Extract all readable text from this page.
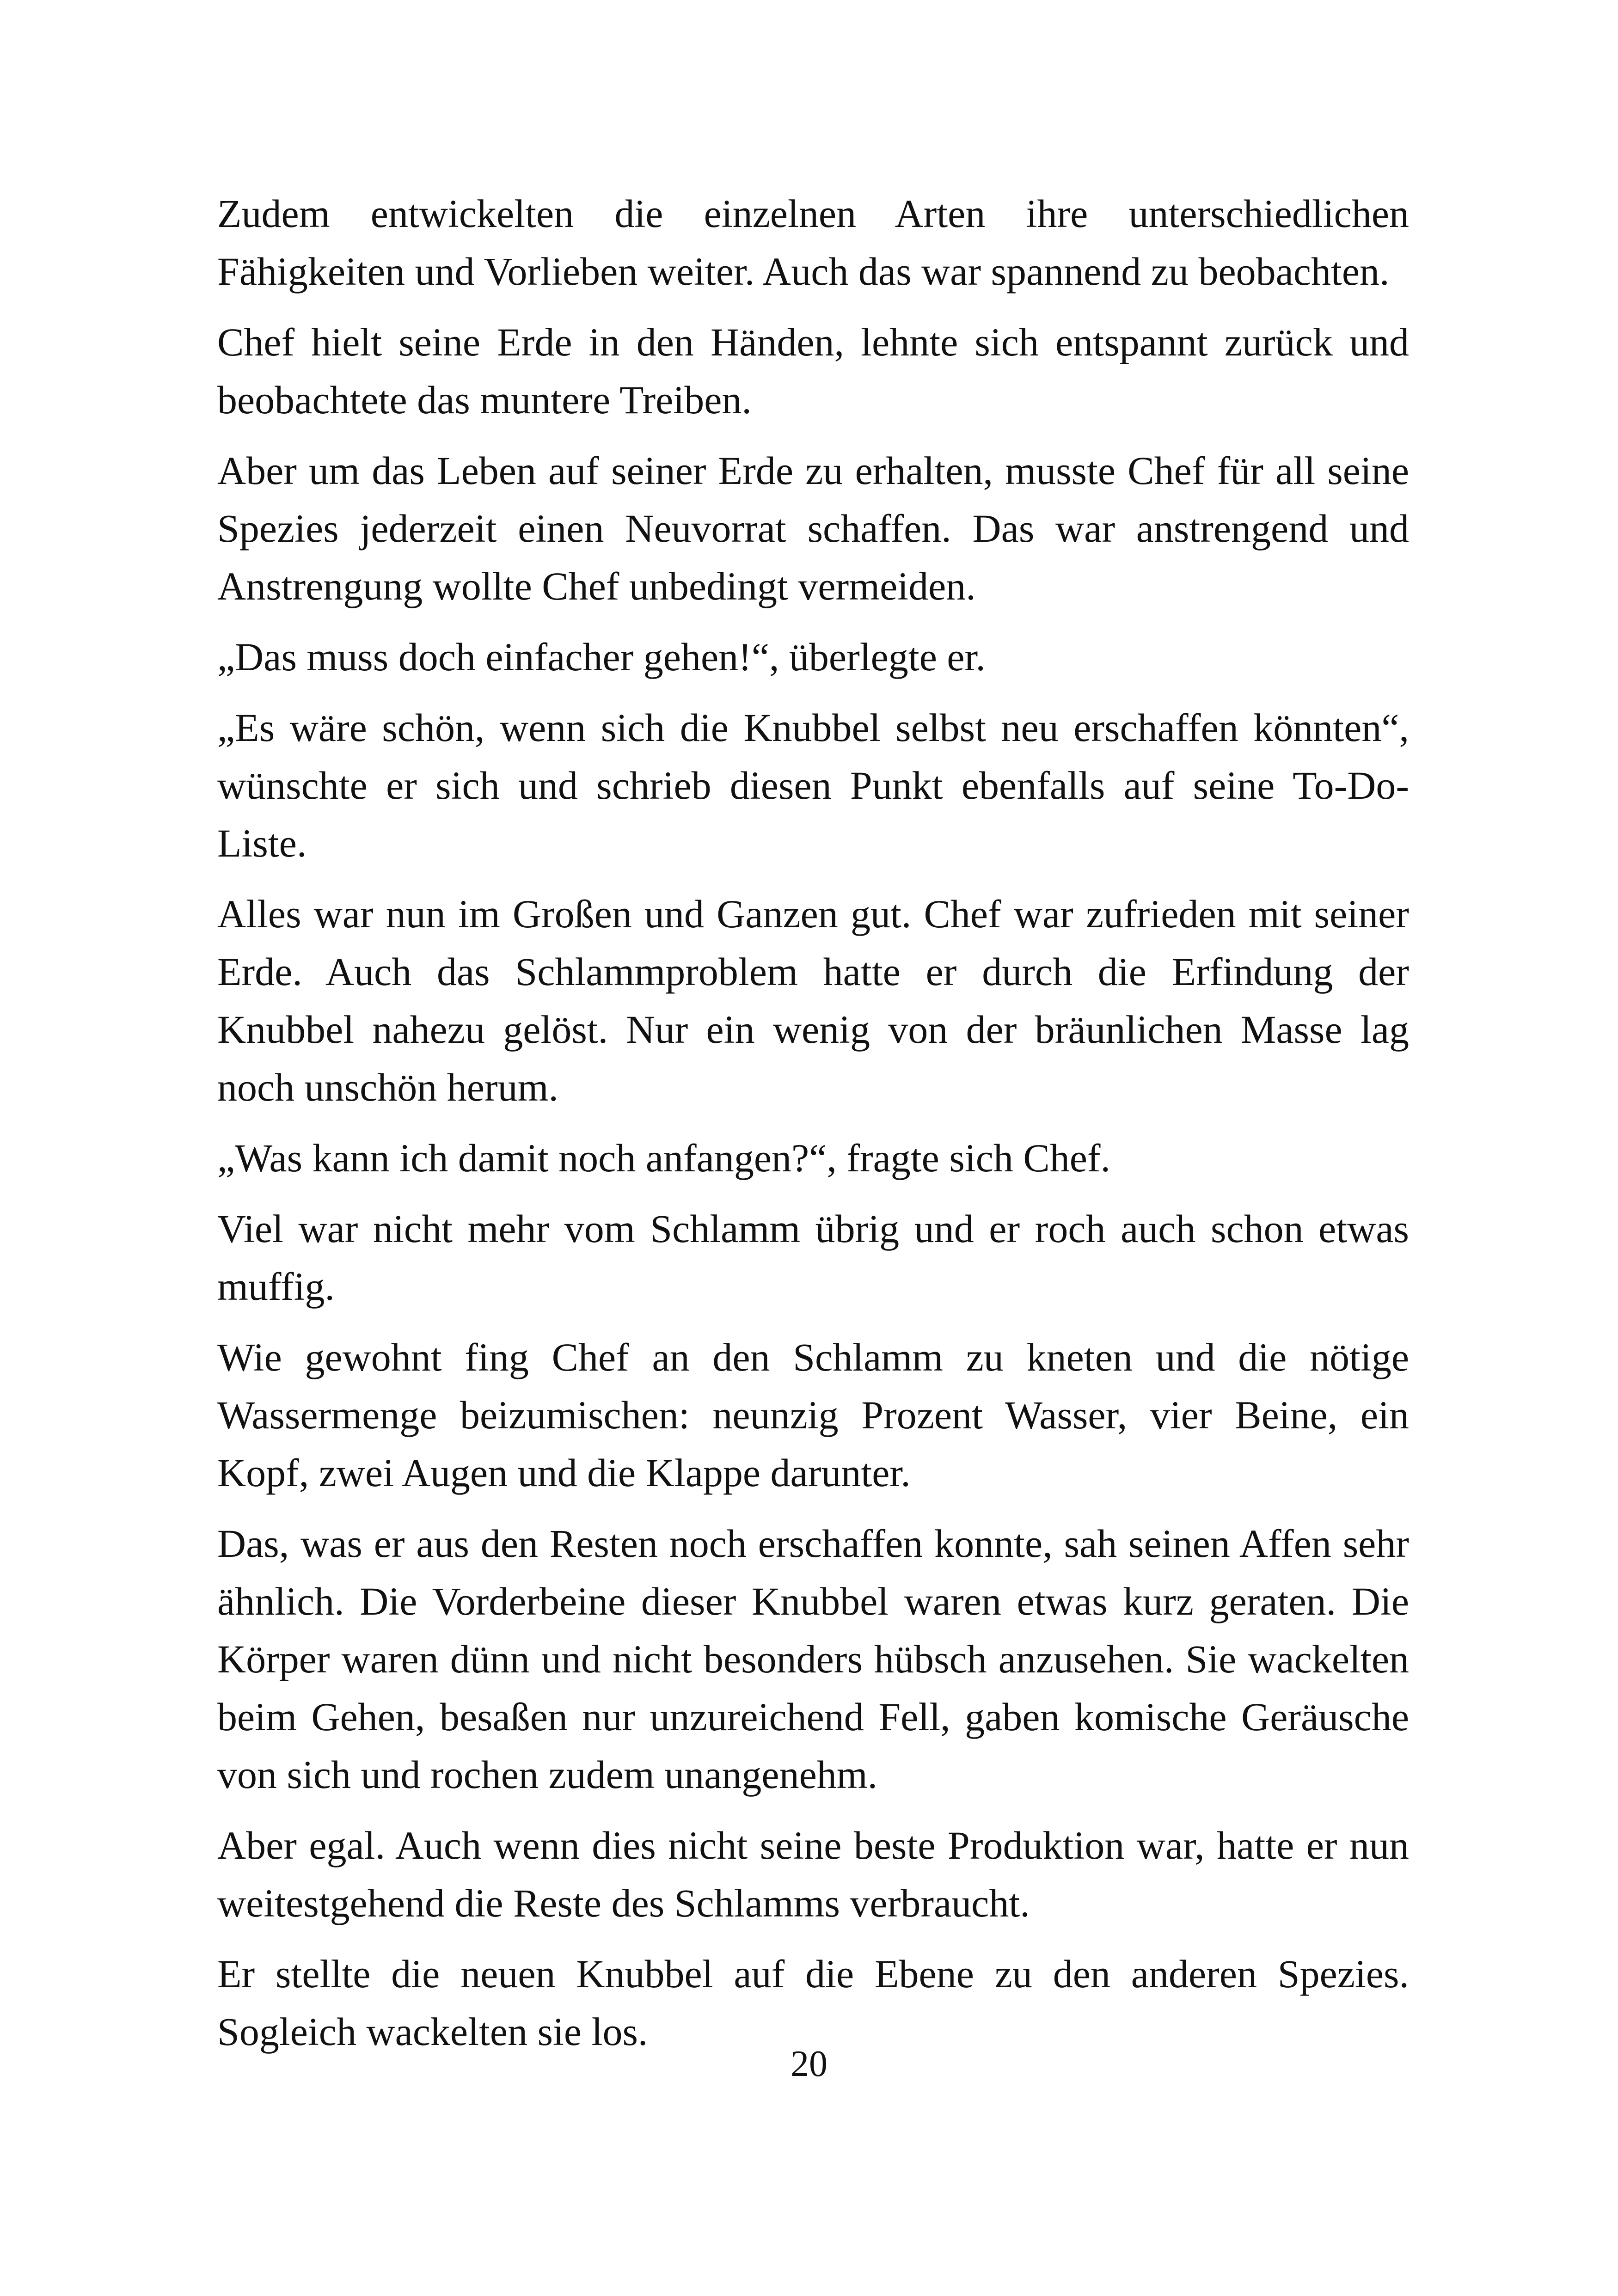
Zudem entwickelten die einzelnen Arten ihre unterschiedlichen Fähigkeiten und Vorlieben weiter. Auch das war spannend zu beobachten.

Chef hielt seine Erde in den Händen, lehnte sich entspannt zurück und beobachtete das muntere Treiben.

Aber um das Leben auf seiner Erde zu erhalten, musste Chef für all seine Spezies jederzeit einen Neuvorrat schaffen. Das war anstrengend und Anstrengung wollte Chef unbedingt vermeiden.

„Das muss doch einfacher gehen!“, überlegte er.

„Es wäre schön, wenn sich die Knubbel selbst neu erschaffen könnten“, wünschte er sich und schrieb diesen Punkt ebenfalls auf seine To-Do-Liste.

Alles war nun im Großen und Ganzen gut. Chef war zufrieden mit seiner Erde. Auch das Schlammproblem hatte er durch die Erfindung der Knubbel nahezu gelöst. Nur ein wenig von der bräunlichen Masse lag noch unschön herum.

„Was kann ich damit noch anfangen?“, fragte sich Chef.

Viel war nicht mehr vom Schlamm übrig und er roch auch schon etwas muffig.

Wie gewohnt fing Chef an den Schlamm zu kneten und die nötige Wassermenge beizumischen: neunzig Prozent Wasser, vier Beine, ein Kopf, zwei Augen und die Klappe darunter.

Das, was er aus den Resten noch erschaffen konnte, sah seinen Affen sehr ähnlich. Die Vorderbeine dieser Knubbel waren etwas kurz geraten. Die Körper waren dünn und nicht besonders hübsch anzusehen. Sie wackelten beim Gehen, besaßen nur unzureichend Fell, gaben komische Geräusche von sich und rochen zudem unangenehm.

Aber egal. Auch wenn dies nicht seine beste Produktion war, hatte er nun weitestgehend die Reste des Schlamms verbraucht.

Er stellte die neuen Knubbel auf die Ebene zu den anderen Spezies. Sogleich wackelten sie los.

20
